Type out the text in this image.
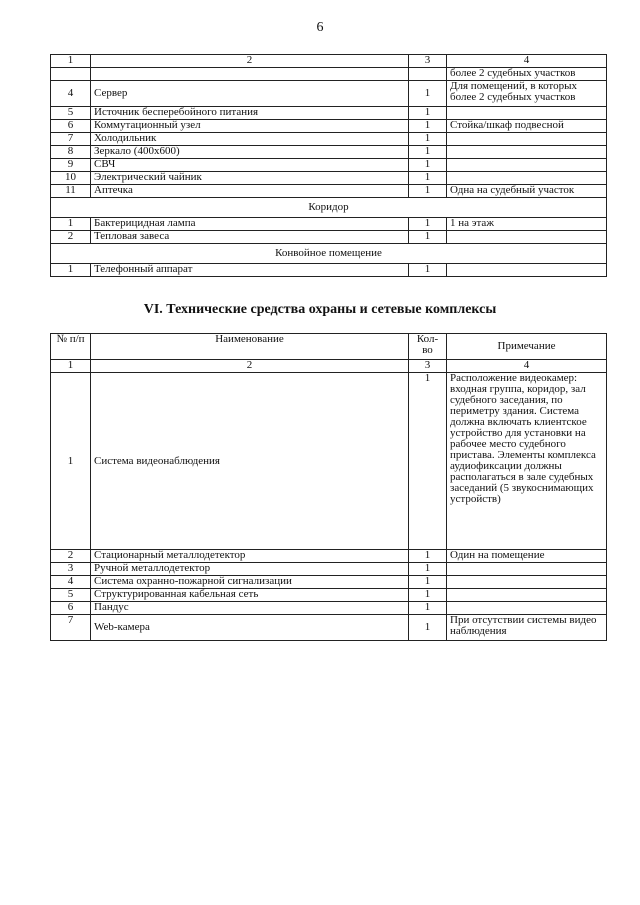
6
1	2	3	4
			более 2 судебных участков
4	Сервер	1	Для помещений, в которых более 2 судебных участков
5	Источник бесперебойного питания	1	
6	Коммутационный узел	1	Стойка/шкаф подвесной
7	Холодильник	1	
8	Зеркало (400х600)	1	
9	СВЧ	1	
10	Электрический чайник	1	
11	Аптечка	1	Одна на судебный участок
Коридор			
1	Бактерицидная лампа	1	1 на этаж
2	Тепловая завеса	1	
Конвойное помещение			
1	Телефонный аппарат	1	
VI. Технические средства охраны и сетевые комплексы
№ п/п	Наименование	Кол-во	Примечание
1	2	3	4
1	Система видеонаблюдения	1	Расположение видеокамер: входная группа, коридор, зал судебного заседания, по периметру здания. Система должна включать клиентское устройство для установки на рабочее место судебного пристава. Элементы комплекса аудиофиксации должны располагаться в зале судебных заседаний (5 звукоснимающих устройств)
2	Стационарный металлодетектор	1	Один на помещение
3	Ручной металлодетектор	1	
4	Система охранно-пожарной сигнализации	1	
5	Структурированная кабельная сеть	1	
6	Пандус	1	
7	Web-камера	1	При отсутствии системы видео наблюдения
